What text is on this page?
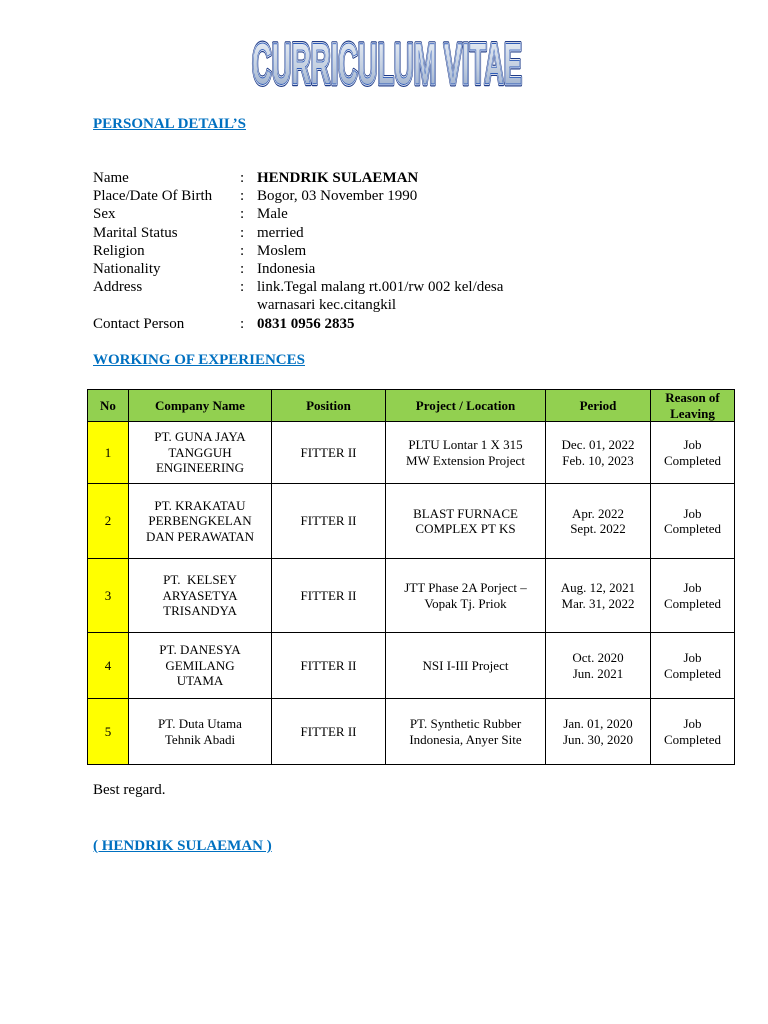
CURRICULUM VITAE
CURRICULUM VITAE
CURRICULUM VITAE
PERSONAL DETAIL’S
Name	: HENDRIK SULAEMAN
Place/Date Of Birth	: Bogor, 03 November 1990
Sex	: Male
Marital Status	: merried
Religion	: Moslem
Nationality	: Indonesia
Address	: link.Tegal malang rt.001/rw 002 kel/desa
warnasari kec.citangkil
Contact Person	: 0831 0956 2835
WORKING OF EXPERIENCES
No	Company Name	Position	Project / Location	Period	Reason of
Leaving
1	PT. GUNA JAYA
TANGGUH
ENGINEERING	FITTER II	PLTU Lontar 1 X 315
MW Extension Project	Dec. 01, 2022
Feb. 10, 2023	Job
Completed
2	PT. KRAKATAU
PERBENGKELAN
DAN PERAWATAN	FITTER II	BLAST FURNACE
COMPLEX PT KS	Apr. 2022
Sept. 2022	Job
Completed
3	PT.  KELSEY
ARYASETYA
TRISANDYA	FITTER II	JTT Phase 2A Porject –
Vopak Tj. Priok	Aug. 12, 2021
Mar. 31, 2022	Job
Completed
4	PT. DANESYA
GEMILANG
UTAMA	FITTER II	NSI I-III Project	Oct. 2020
Jun. 2021	Job
Completed
5	PT. Duta Utama
Tehnik Abadi	FITTER II	PT. Synthetic Rubber
Indonesia, Anyer Site	Jan. 01, 2020
Jun. 30, 2020	Job
Completed
Best regard.
( HENDRIK SULAEMAN )
